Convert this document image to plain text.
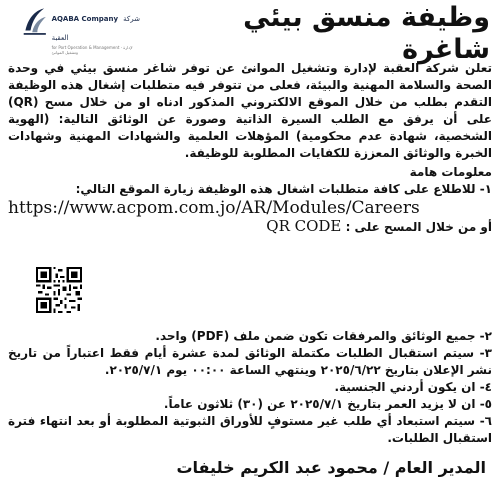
AQABA Company شركة العقبة
for Port Operation & Management · لإدارة وتشغيل الموانئ
وظيفة منسق بيئي شاغرة

تعلن شركة العقبة لإدارة وتشغيل الموانئ عن توفر شاغر منسق بيئي في وحدة الصحة والسلامة المهنية والبيئة، فعلى من تتوفر فيه متطلبات إشغال هذه الوظيفة التقدم بطلب من خلال الموقع الالكتروني المذكور ادناه او من خلال مسح (QR) على أن يرفق مع الطلب السيرة الذاتية وصورة عن الوثائق التالية: (الهوية الشخصية، شهادة عدم محكومية) المؤهلات العلمية والشهادات المهنية وشهادات الخبرة والوثائق المعززة للكفايات المطلوبة للوظيفة.

معلومات هامة

١- للاطلاع على كافة متطلبات اشغال هذه الوظيفة زيارة الموقع التالي:

https://www.acpom.com.jo/AR/Modules/Careers

أو من خلال المسح على : QR CODE

٢- جميع الوثائق والمرفقات تكون ضمن ملف (PDF) واحد.

٣- سيتم استقبال الطلبات مكتملة الوثائق لمدة عشرة أيام فقط اعتباراً من تاريخ نشر الإعلان بتاريخ ٢٠٢٥/٦/٢٢ وينتهي الساعة ٠٠:٠٠ يوم ٢٠٢٥/٧/١.

٤- ان يكون أردني الجنسية.

٥- ان لا يزيد العمر بتاريخ ٢٠٢٥/٧/١ عن (٣٠) ثلاثون عاماً.

٦- سيتم استبعاد أي طلب غير مستوفٍ للأوراق الثبوتية المطلوبة أو بعد انتهاء فترة استقبال الطلبات.

المدير العام / محمود عبد الكريم خليفات
